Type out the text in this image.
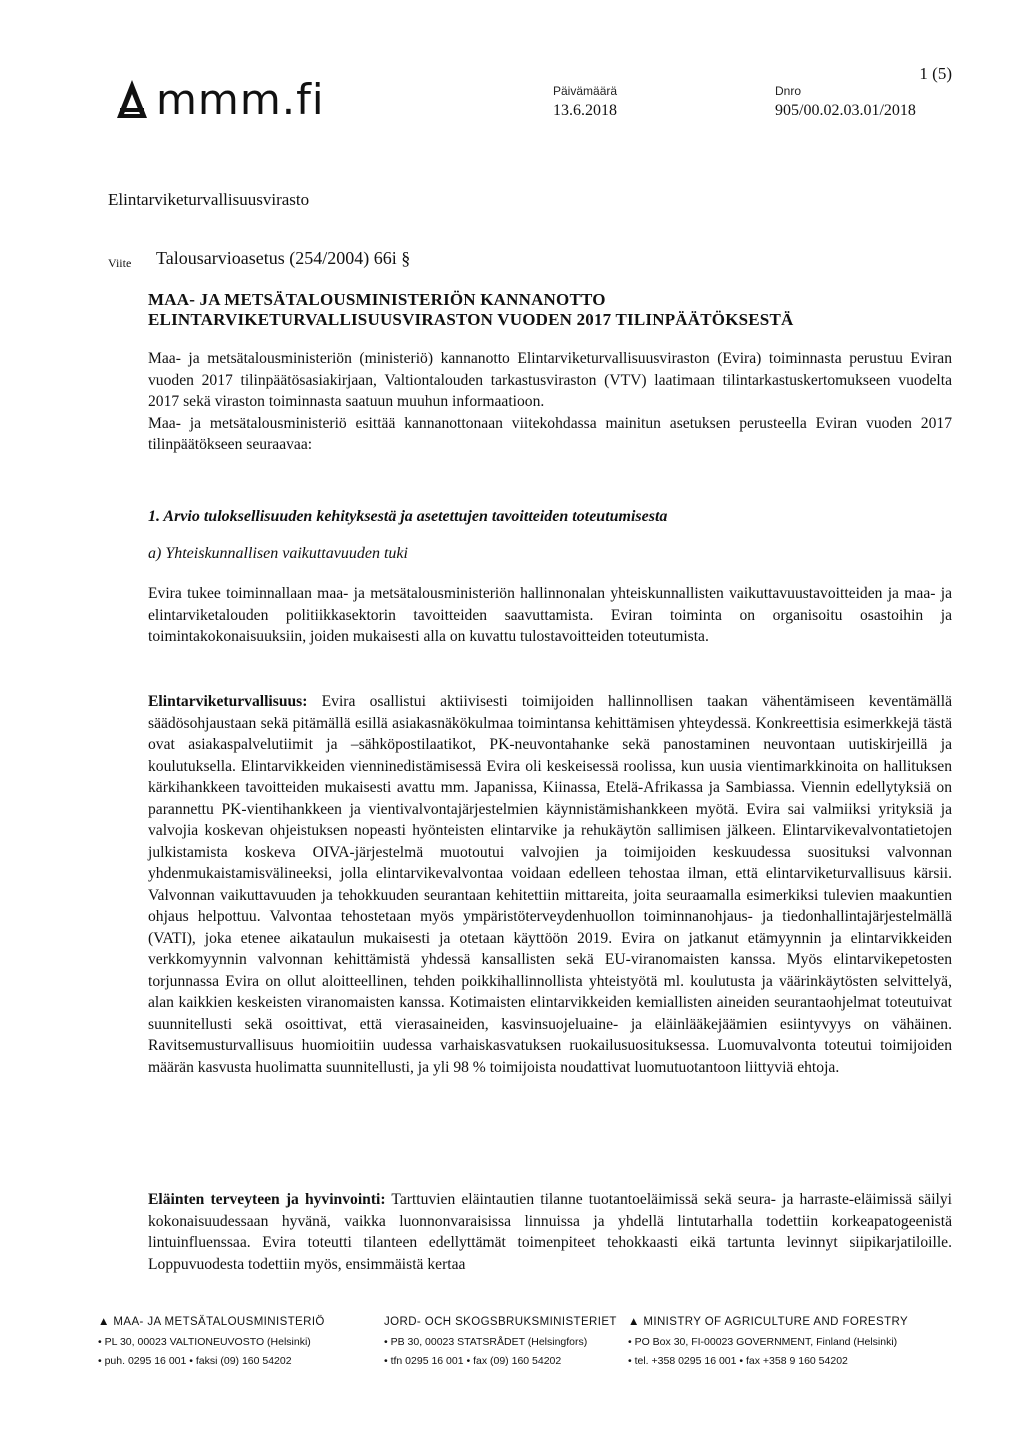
mmm.fi
1 (5)
Päivämäärä
13.6.2018
Dnro
905/00.02.03.01/2018
Elintarviketurvallisuusvirasto
Viite Talousarvioasetus (254/2004) 66i §
MAA- JA METSÄTALOUSMINISTERIÖN KANNANOTTO ELINTARVIKETURVALLISUUSVIRASTON VUODEN 2017 TILINPÄÄTÖKSESTÄ

Maa- ja metsätalousministeriön (ministeriö) kannanotto Elintarviketurvallisuusviraston (Evira) toiminnasta perustuu Eviran vuoden 2017 tilinpäätösasiakirjaan, Valtiontalouden tarkastusviraston (VTV) laatimaan tilintarkastuskertomukseen vuodelta 2017 sekä viraston toiminnasta saatuun muuhun informaatioon.

Maa- ja metsätalousministeriö esittää kannanottonaan viitekohdassa mainitun asetuksen perusteella Eviran vuoden 2017 tilinpäätökseen seuraavaa:

1. Arvio tuloksellisuuden kehityksestä ja asetettujen tavoitteiden toteutumisesta
a) Yhteiskunnallisen vaikuttavuuden tuki

Evira tukee toiminnallaan maa- ja metsätalousministeriön hallinnonalan yhteiskunnallisten vaikuttavuustavoitteiden ja maa- ja elintarviketalouden politiikkasektorin tavoitteiden saavuttamista. Eviran toiminta on organisoitu osastoihin ja toimintakokonaisuuksiin, joiden mukaisesti alla on kuvattu tulostavoitteiden toteutumista.

Elintarviketurvallisuus: Evira osallistui aktiivisesti toimijoiden hallinnollisen taakan vähentämiseen keventämällä säädösohjaustaan sekä pitämällä esillä asiakasnäkökulmaa toimintansa kehittämisen yhteydessä. Konkreettisia esimerkkejä tästä ovat asiakaspalvelutiimit ja –sähköpostilaatikot, PK-neuvontahanke sekä panostaminen neuvontaan uutiskirjeillä ja koulutuksella. Elintarvikkeiden vienninedistämisessä Evira oli keskeisessä roolissa, kun uusia vientimarkkinoita on hallituksen kärkihankkeen tavoitteiden mukaisesti avattu mm. Japanissa, Kiinassa, Etelä-Afrikassa ja Sambiassa. Viennin edellytyksiä on parannettu PK-vientihankkeen ja vientivalvontajärjestelmien käynnistämishankkeen myötä. Evira sai valmiiksi yrityksiä ja valvojia koskevan ohjeistuksen nopeasti hyönteisten elintarvike ja rehukäytön sallimisen jälkeen. Elintarvikevalvontatietojen julkistamista koskeva OIVA-järjestelmä muotoutui valvojien ja toimijoiden keskuudessa suosituksi valvonnan yhdenmukaistamisvälineeksi, jolla elintarvikevalvontaa voidaan edelleen tehostaa ilman, että elintarviketurvallisuus kärsii. Valvonnan vaikuttavuuden ja tehokkuuden seurantaan kehitettiin mittareita, joita seuraamalla esimerkiksi tulevien maakuntien ohjaus helpottuu. Valvontaa tehostetaan myös ympäristöterveydenhuollon toiminnanohjaus- ja tiedonhallintajärjestelmällä (VATI), joka etenee aikataulun mukaisesti ja otetaan käyttöön 2019. Evira on jatkanut etämyynnin ja elintarvikkeiden verkkomyynnin valvonnan kehittämistä yhdessä kansallisten sekä EU-viranomaisten kanssa. Myös elintarvikepetosten torjunnassa Evira on ollut aloitteellinen, tehden poikkihallinnollista yhteistyötä ml. koulutusta ja väärinkäytösten selvittelyä, alan kaikkien keskeisten viranomaisten kanssa. Kotimaisten elintarvikkeiden kemiallisten aineiden seurantaohjelmat toteutuivat suunnitellusti sekä osoittivat, että vierasaineiden, kasvinsuojeluaine- ja eläinlääkejäämien esiintyvyys on vähäinen. Ravitsemusturvallisuus huomioitiin uudessa varhaiskasvatuksen ruokailusuosituksessa. Luomuvalvonta toteutui toimijoiden määrän kasvusta huolimatta suunnitellusti, ja yli 98 % toimijoista noudattivat luomutuotantoon liittyviä ehtoja.

Eläinten terveyteen ja hyvinvointi: Tarttuvien eläintautien tilanne tuotantoeläimissä sekä seura- ja harraste-eläimissä säilyi kokonaisuudessaan hyvänä, vaikka luonnonvaraisissa linnuissa ja yhdellä lintutarhalla todettiin korkeapatogeenistä lintuinfluenssaa. Evira toteutti tilanteen edellyttämät toimenpiteet tehokkaasti eikä tartunta levinnyt siipikarjatiloille. Loppuvuodesta todettiin myös, ensimmäistä kertaa

▲ MAA- JA METSÄTALOUSMINISTERIÖ
• PL 30, 00023 VALTIONEUVOSTO (Helsinki)
• puh. 0295 16 001 • faksi (09) 160 54202
JORD- OCH SKOGSBRUKSMINISTERIET
• PB 30, 00023 STATSRÅDET (Helsingfors)
• tfn 0295 16 001 • fax (09) 160 54202
▲ MINISTRY OF AGRICULTURE AND FORESTRY
• PO Box 30, FI-00023 GOVERNMENT, Finland (Helsinki)
• tel. +358 0295 16 001 • fax +358 9 160 54202
